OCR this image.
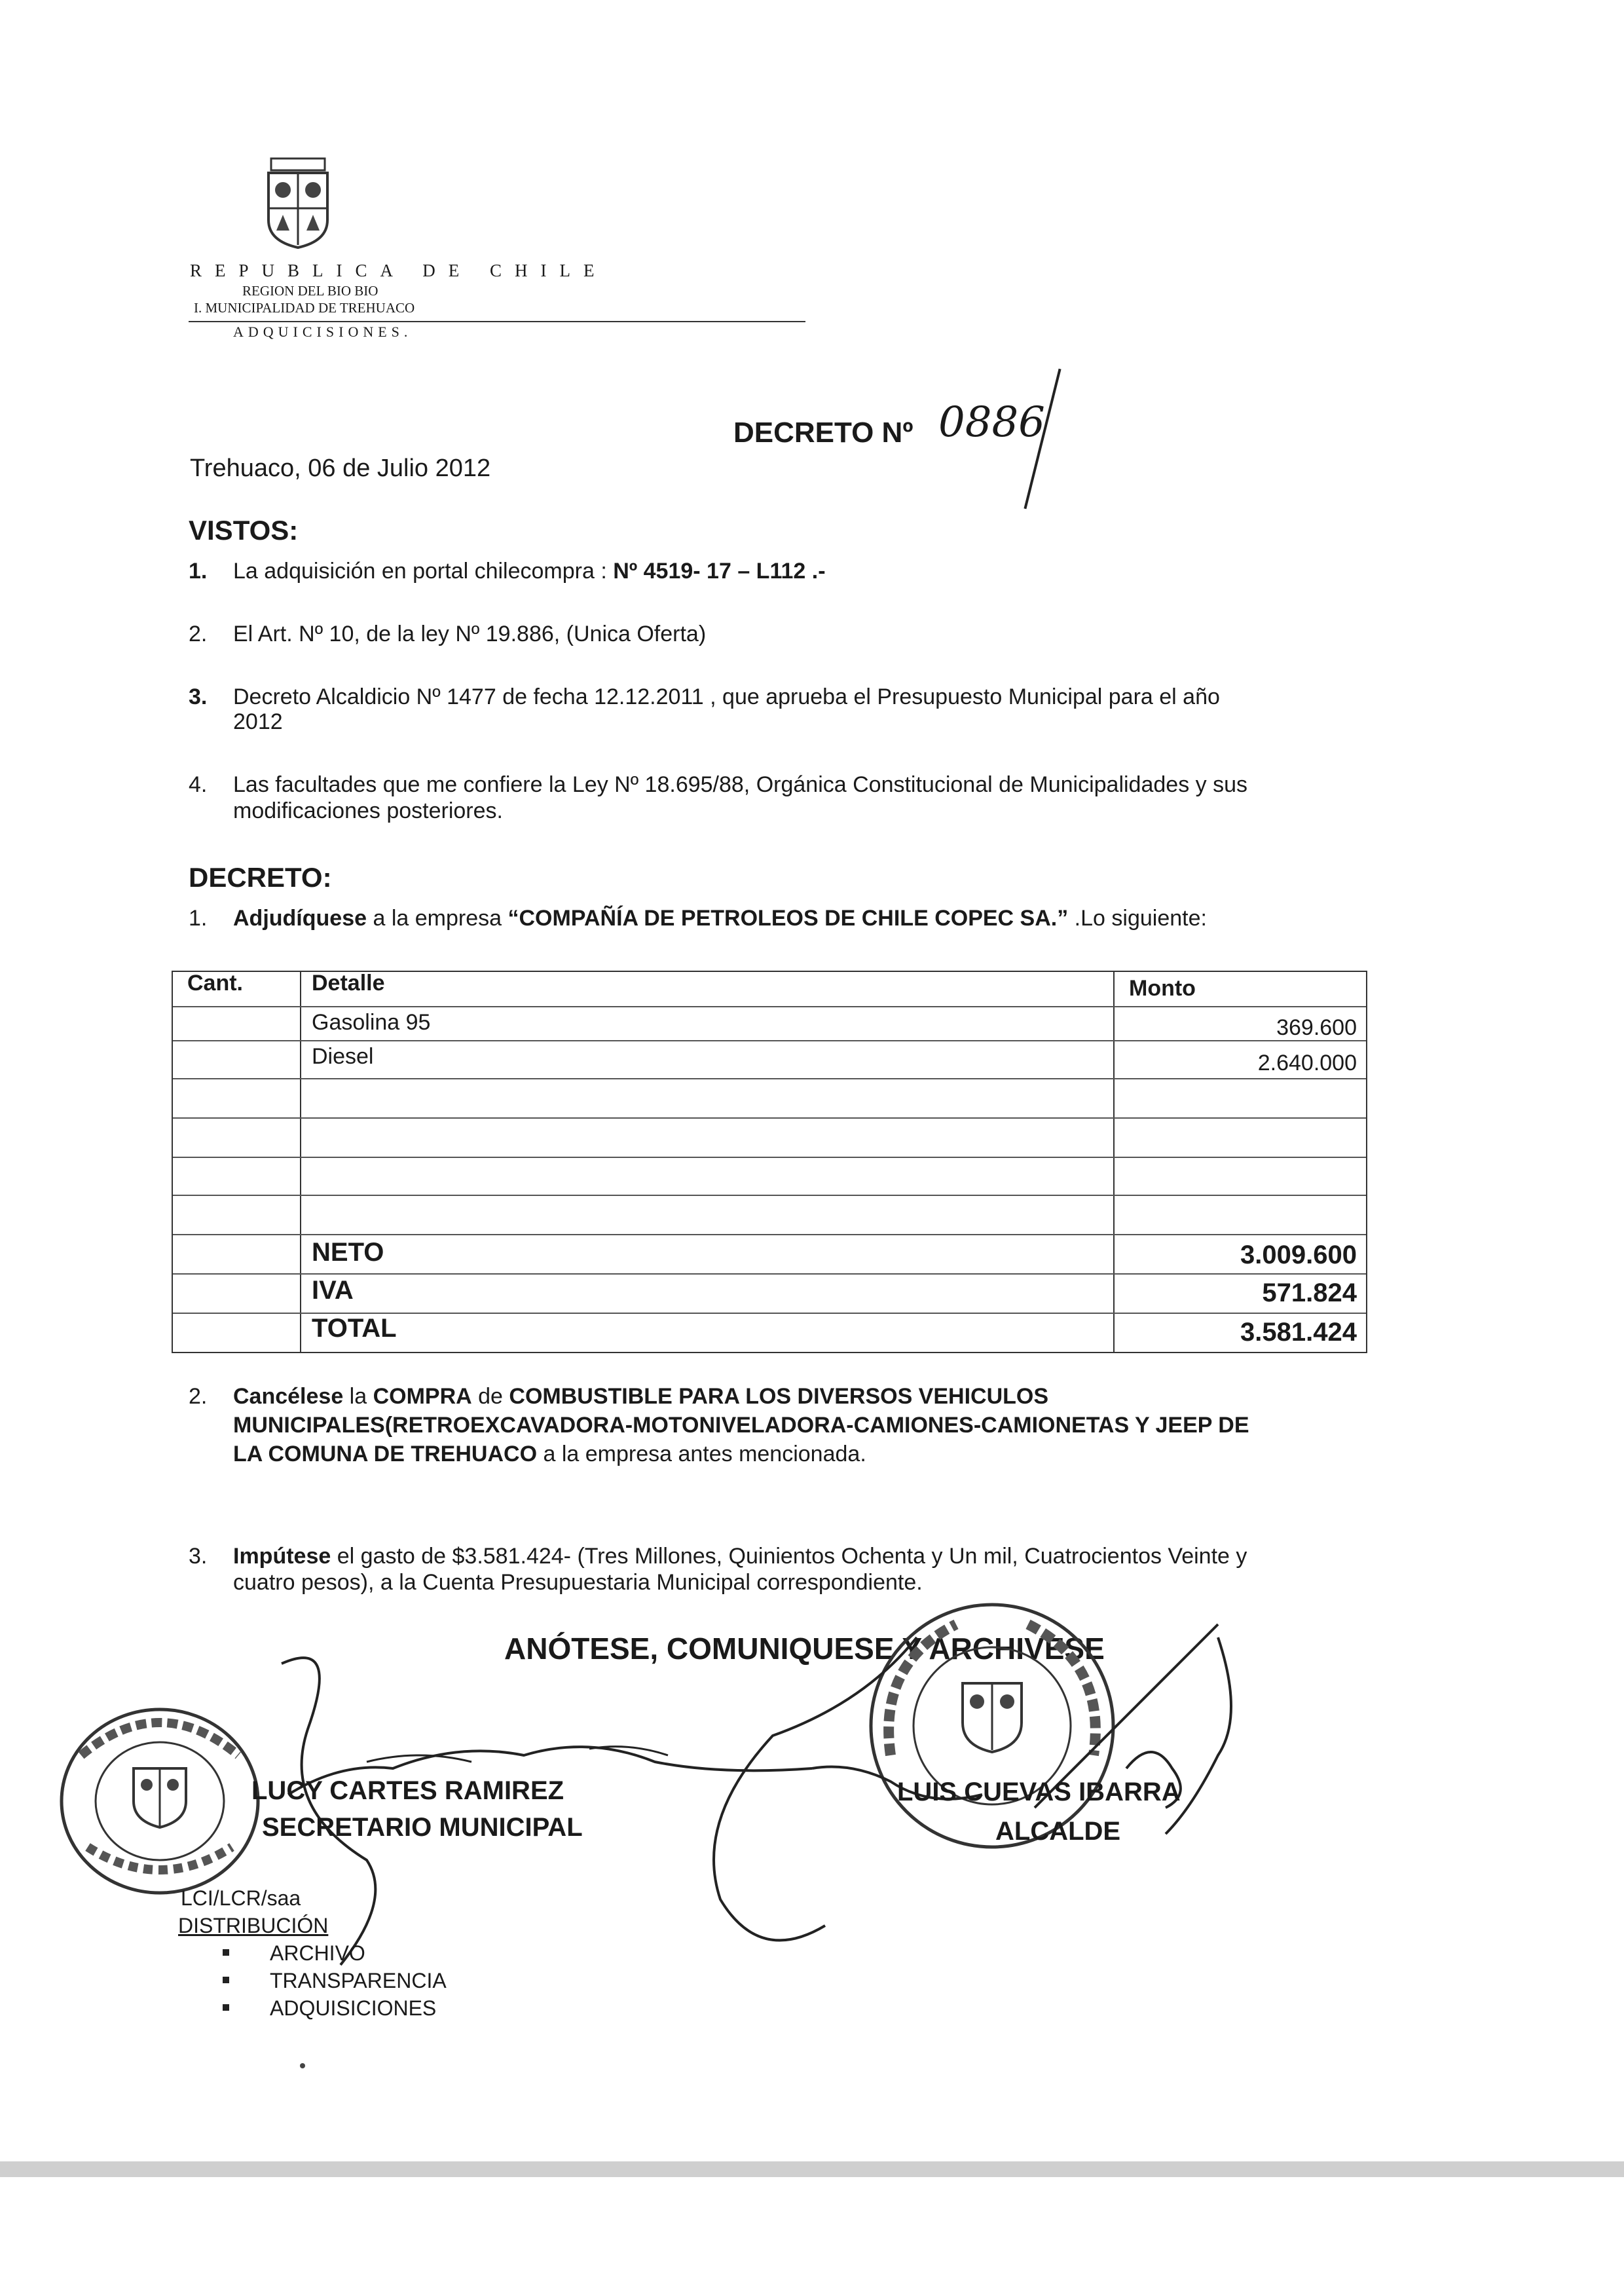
REPUBLICA DE CHILE
REGION DEL BIO BIO
I. MUNICIPALIDAD DE TREHUACO
ADQUICISIONES.
DECRETO Nº 0886
Trehuaco, 06 de Julio 2012
VISTOS:
1. La adquisición en portal chilecompra : Nº 4519- 17 – L112 .-
2. El Art. Nº 10, de la ley Nº 19.886, (Unica Oferta)
3. Decreto Alcaldicio Nº 1477 de fecha 12.12.2011 , que aprueba el Presupuesto Municipal para el año
2012
4. Las facultades que me confiere la Ley Nº 18.695/88, Orgánica Constitucional de Municipalidades y sus
modificaciones posteriores.
DECRETO:
1. Adjudíquese a la empresa “COMPAÑÍA DE PETROLEOS DE CHILE COPEC SA.” .Lo siguiente:
Cant.	Detalle	Monto
Gasolina 95	369.600
Diesel	2.640.000
NETO	3.009.600
IVA	571.824
TOTAL	3.581.424
2. Cancélese la COMPRA de COMBUSTIBLE PARA LOS DIVERSOS VEHICULOS
MUNICIPALES(RETROEXCAVADORA-MOTONIVELADORA-CAMIONES-CAMIONETAS Y JEEP DE
LA COMUNA DE TREHUACO a la empresa antes mencionada.
3. Impútese el gasto de $3.581.424- (Tres Millones, Quinientos Ochenta y Un mil, Cuatrocientos Veinte y
cuatro pesos), a la Cuenta Presupuestaria Municipal correspondiente.
ANÓTESE, COMUNIQUESE Y ARCHIVESE
LUCY CARTES RAMIREZ
SECRETARIO MUNICIPAL
LUIS CUEVAS IBARRA
ALCALDE
LCI/LCR/saa
DISTRIBUCIÓN
ARCHIVO
TRANSPARENCIA
ADQUISICIONES
